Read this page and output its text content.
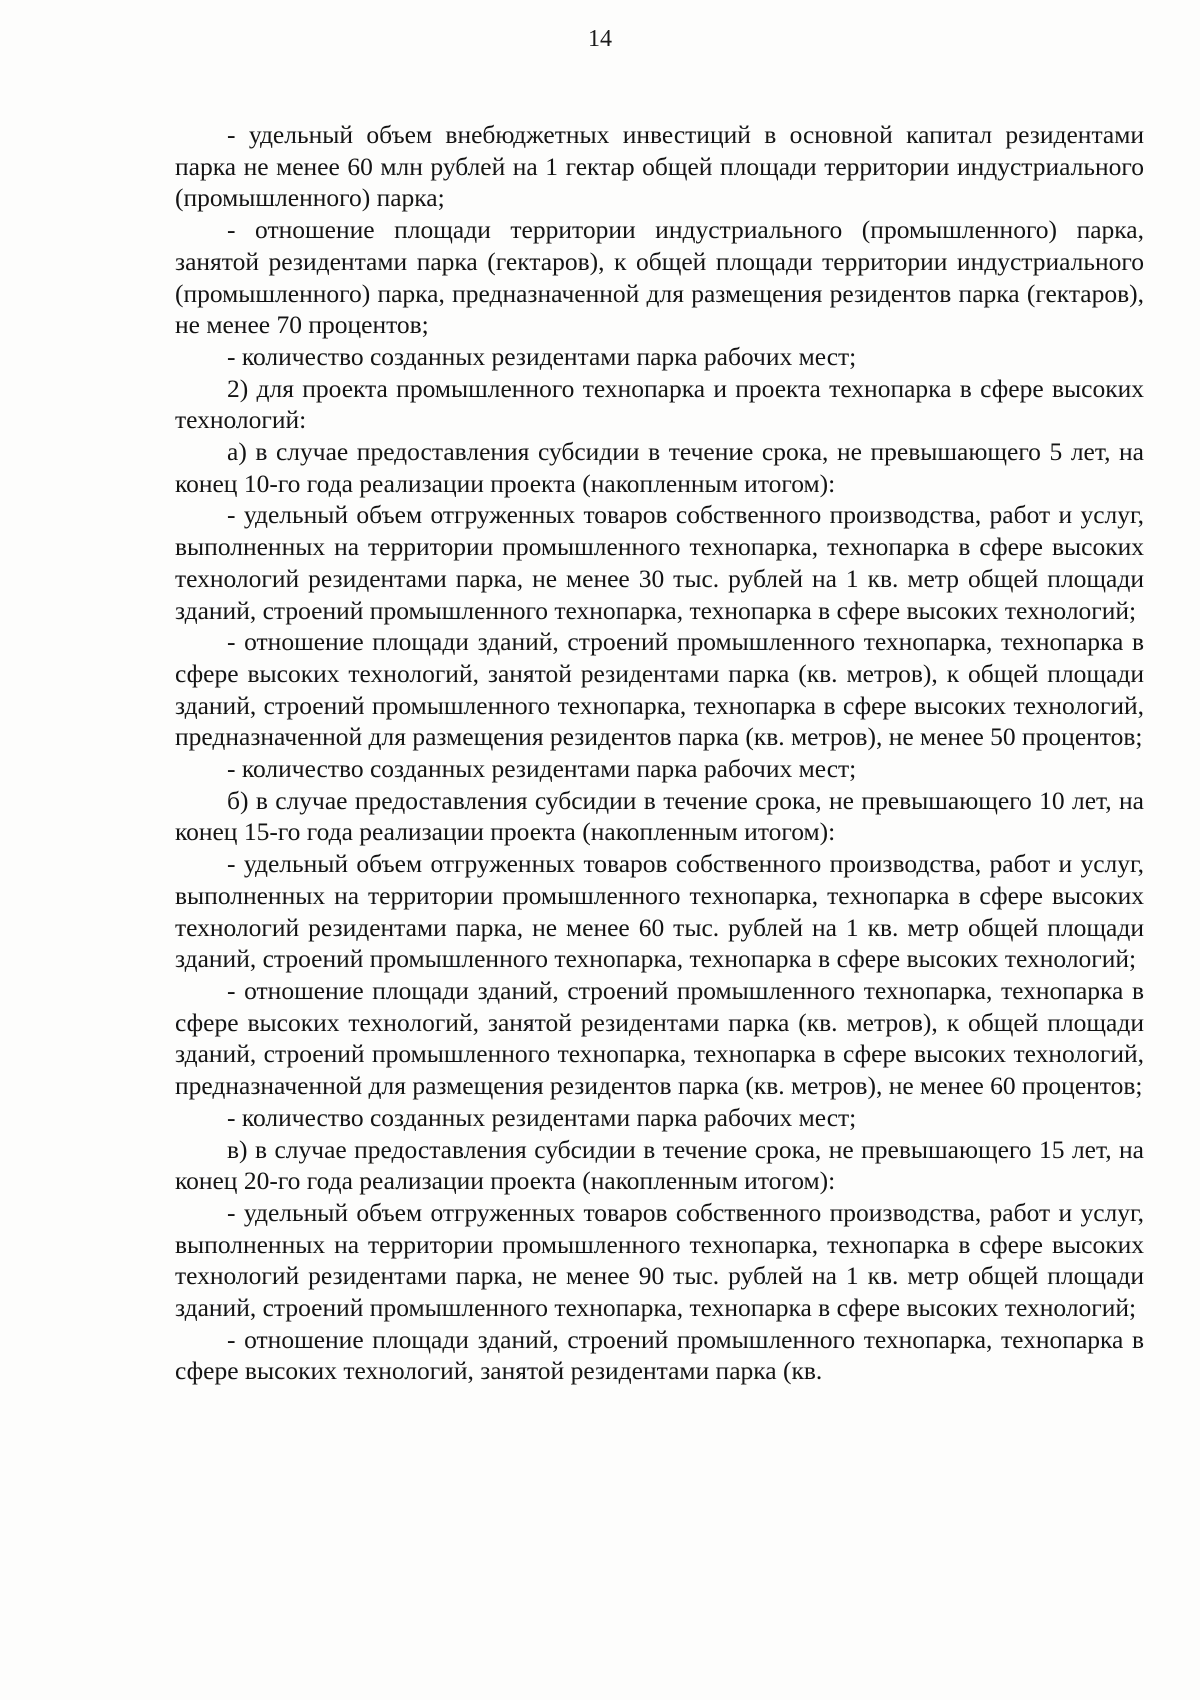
14

- удельный объем внебюджетных инвестиций в основной капитал резидентами парка не менее 60 млн рублей на 1 гектар общей площади территории индустриального (промышленного) парка;

- отношение площади территории индустриального (промышленного) парка, занятой резидентами парка (гектаров), к общей площади территории индустриального (промышленного) парка, предназначенной для размещения резидентов парка (гектаров), не менее 70 процентов;

- количество созданных резидентами парка рабочих мест;

2) для проекта промышленного технопарка и проекта технопарка в сфере высоких технологий:

а) в случае предоставления субсидии в течение срока, не превышающего 5 лет, на конец 10-го года реализации проекта (накопленным итогом):

- удельный объем отгруженных товаров собственного производства, работ и услуг, выполненных на территории промышленного технопарка, технопарка в сфере высоких технологий резидентами парка, не менее 30 тыс. рублей на 1 кв. метр общей площади зданий, строений промышленного технопарка, технопарка в сфере высоких технологий;

- отношение площади зданий, строений промышленного технопарка, технопарка в сфере высоких технологий, занятой резидентами парка (кв. метров), к общей площади зданий, строений промышленного технопарка, технопарка в сфере высоких технологий, предназначенной для размещения резидентов парка (кв. метров), не менее 50 процентов;

- количество созданных резидентами парка рабочих мест;

б) в случае предоставления субсидии в течение срока, не превышающего 10 лет, на конец 15-го года реализации проекта (накопленным итогом):

- удельный объем отгруженных товаров собственного производства, работ и услуг, выполненных на территории промышленного технопарка, технопарка в сфере высоких технологий резидентами парка, не менее 60 тыс. рублей на 1 кв. метр общей площади зданий, строений промышленного технопарка, технопарка в сфере высоких технологий;

- отношение площади зданий, строений промышленного технопарка, технопарка в сфере высоких технологий, занятой резидентами парка (кв. метров), к общей площади зданий, строений промышленного технопарка, технопарка в сфере высоких технологий, предназначенной для размещения резидентов парка (кв. метров), не менее 60 процентов;

- количество созданных резидентами парка рабочих мест;

в) в случае предоставления субсидии в течение срока, не превышающего 15 лет, на конец 20-го года реализации проекта (накопленным итогом):

- удельный объем отгруженных товаров собственного производства, работ и услуг, выполненных на территории промышленного технопарка, технопарка в сфере высоких технологий резидентами парка, не менее 90 тыс. рублей на 1 кв. метр общей площади зданий, строений промышленного технопарка, технопарка в сфере высоких технологий;

- отношение площади зданий, строений промышленного технопарка, технопарка в сфере высоких технологий, занятой резидентами парка (кв.
